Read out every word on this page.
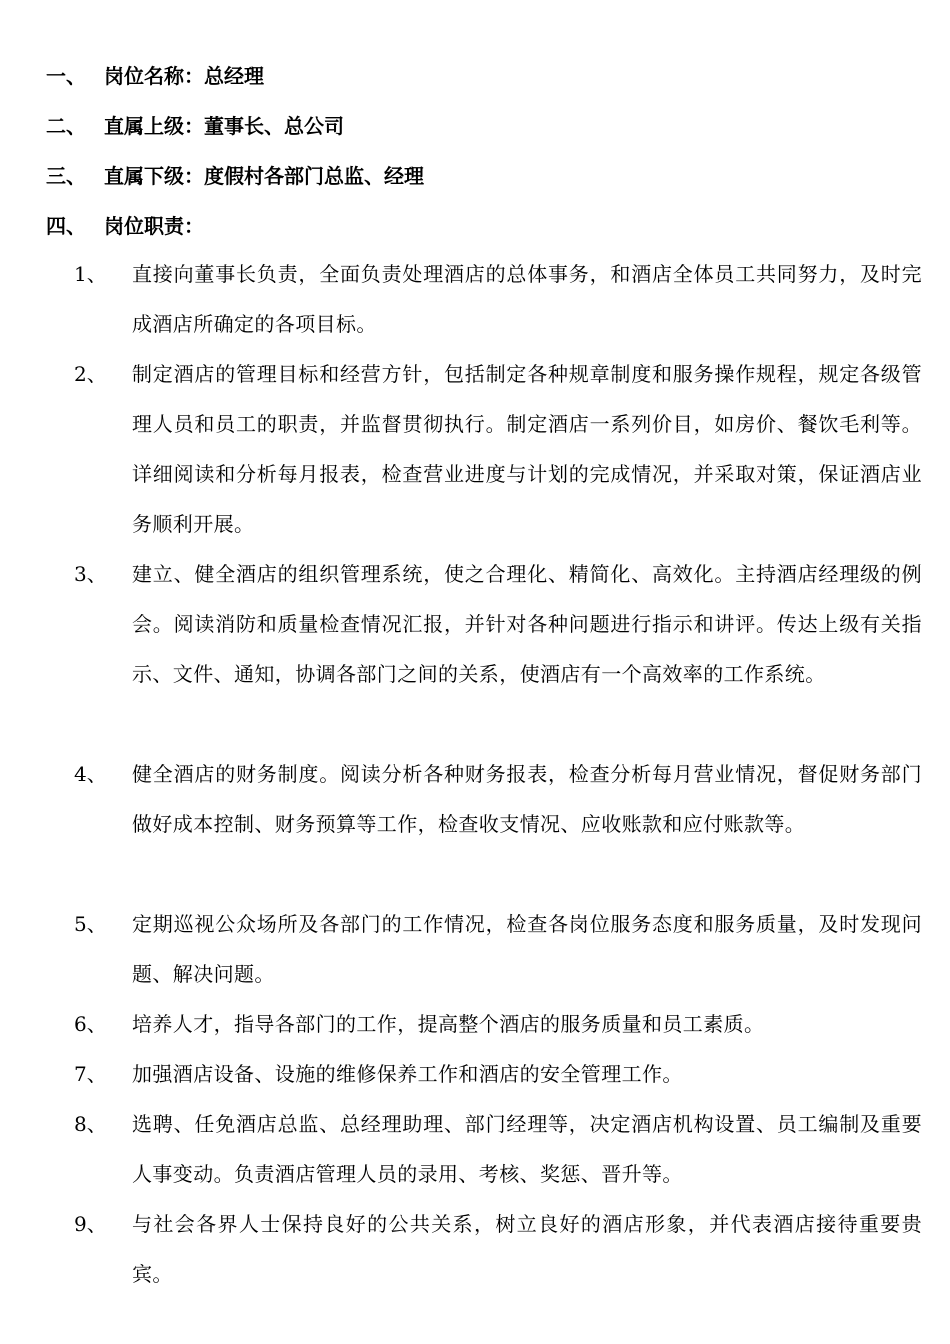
一、 岗位名称：总经理
二、 直属上级：董事长、总公司
三、 直属下级：度假村各部门总监、经理
四、 岗位职责：
1、 直接向董事长负责，全面负责处理酒店的总体事务，和酒店全体员工共同努力，及时完成酒店所确定的各项目标。
2、 制定酒店的管理目标和经营方针，包括制定各种规章制度和服务操作规程，规定各级管理人员和员工的职责，并监督贯彻执行。制定酒店一系列价目，如房价、餐饮毛利等。详细阅读和分析每月报表，检查营业进度与计划的完成情况，并采取对策，保证酒店业务顺利开展。
3、 建立、健全酒店的组织管理系统，使之合理化、精简化、高效化。主持酒店经理级的例会。阅读消防和质量检查情况汇报，并针对各种问题进行指示和讲评。传达上级有关指示、文件、通知，协调各部门之间的关系，使酒店有一个高效率的工作系统。
4、 健全酒店的财务制度。阅读分析各种财务报表，检查分析每月营业情况，督促财务部门做好成本控制、财务预算等工作，检查收支情况、应收账款和应付账款等。
5、 定期巡视公众场所及各部门的工作情况，检查各岗位服务态度和服务质量，及时发现问题、解决问题。
6、 培养人才，指导各部门的工作，提高整个酒店的服务质量和员工素质。
7、 加强酒店设备、设施的维修保养工作和酒店的安全管理工作。
8、 选聘、任免酒店总监、总经理助理、部门经理等，决定酒店机构设置、员工编制及重要人事变动。负责酒店管理人员的录用、考核、奖惩、晋升等。
9、 与社会各界人士保持良好的公共关系，树立良好的酒店形象，并代表酒店接待重要贵宾。
